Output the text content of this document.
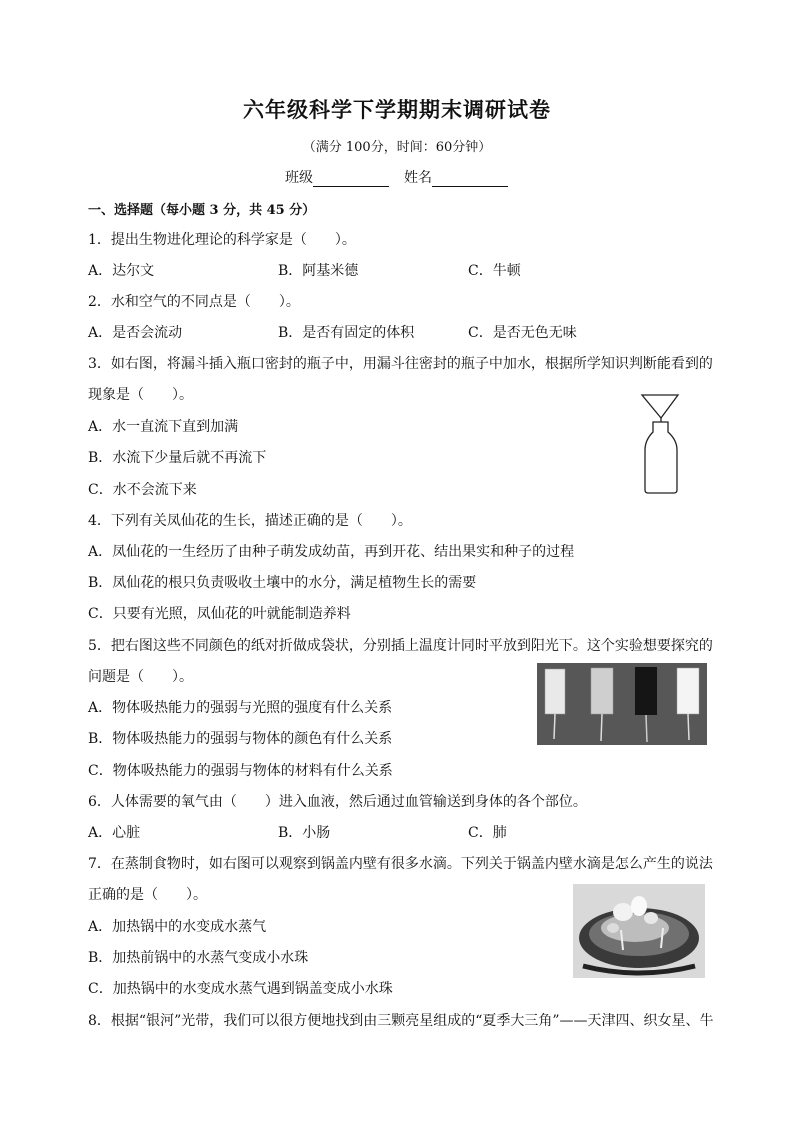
六年级科学下学期期末调研试卷
（满分 100分，时间：60分钟）
班级	姓名
一、选择题（每小题 3 分，共 45 分）
1．提出生物进化理论的科学家是（　　）。
A．达尔文	B．阿基米德	C．牛顿
2．水和空气的不同点是（　　）。
A．是否会流动	B．是否有固定的体积	C．是否无色无味
3．如右图，将漏斗插入瓶口密封的瓶子中，用漏斗往密封的瓶子中加水，根据所学知识判断能看到的
现象是（　　）。
A．水一直流下直到加满
B．水流下少量后就不再流下
C．水不会流下来
4．下列有关凤仙花的生长，描述正确的是（　　）。
A．凤仙花的一生经历了由种子萌发成幼苗，再到开花、结出果实和种子的过程
B．凤仙花的根只负责吸收土壤中的水分，满足植物生长的需要
C．只要有光照，凤仙花的叶就能制造养料
5．把右图这些不同颜色的纸对折做成袋状，分别插上温度计同时平放到阳光下。这个实验想要探究的
问题是（　　）。
A．物体吸热能力的强弱与光照的强度有什么关系
B．物体吸热能力的强弱与物体的颜色有什么关系
C．物体吸热能力的强弱与物体的材料有什么关系
6．人体需要的氧气由（　　）进入血液，然后通过血管输送到身体的各个部位。
A．心脏	B．小肠	C．肺
7．在蒸制食物时，如右图可以观察到锅盖内壁有很多水滴。下列关于锅盖内壁水滴是怎么产生的说法
正确的是（　　）。
A．加热锅中的水变成水蒸气
B．加热前锅中的水蒸气变成小水珠
C．加热锅中的水变成水蒸气遇到锅盖变成小水珠
8．根据“银河”光带，我们可以很方便地找到由三颗亮星组成的“夏季大三角”——天津四、织女星、牛
